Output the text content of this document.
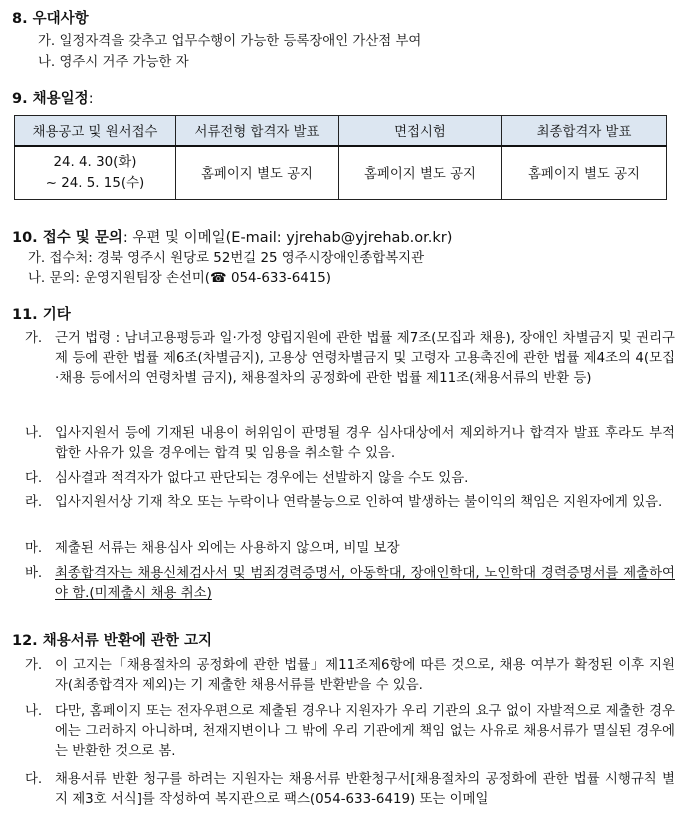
8. 우대사항
가. 일정자격을 갖추고 업무수행이 가능한 등록장애인 가산점 부여
나. 영주시 거주 가능한 자
9. 채용일정:
채용공고 및 원서접수	서류전형 합격자 발표	면접시험	최종합격자 발표

24. 4. 30(화)
~ 24. 5. 15(수)	홈페이지 별도 공지	홈페이지 별도 공지	홈페이지 별도 공지
10. 접수 및 문의: 우편 및 이메일(E-mail: yjrehab@yjrehab.or.kr)
가. 접수처: 경북 영주시 원당로 52번길 25 영주시장애인종합복지관
나. 문의: 운영지원팀장 손선미(☎ 054-633-6415)
11. 기타
가. 근거 법령 : 남녀고용평등과 일·가정 양립지원에 관한 법률 제7조(모집과 채용), 장애인 차별금지 및 권리구제 등에 관한 법률 제6조(차별금지), 고용상 연령차별금지 및 고령자 고용촉진에 관한 법률 제4조의 4(모집·채용 등에서의 연령차별 금지), 채용절차의 공정화에 관한 법률 제11조(채용서류의 반환 등)
나. 입사지원서 등에 기재된 내용이 허위임이 판명될 경우 심사대상에서 제외하거나 합격자 발표 후라도 부적합한 사유가 있을 경우에는 합격 및 임용을 취소할 수 있음.
다. 심사결과 적격자가 없다고 판단되는 경우에는 선발하지 않을 수도 있음.
라. 입사지원서상 기재 착오 또는 누락이나 연락불능으로 인하여 발생하는 불이익의 책임은 지원자에게 있음.
마. 제출된 서류는 채용심사 외에는 사용하지 않으며, 비밀 보장
바. 최종합격자는 채용신체검사서 및 범죄경력증명서, 아동학대, 장애인학대, 노인학대 경력증명서를 제출하여야 함.(미제출시 채용 취소)
12. 채용서류 반환에 관한 고지
가. 이 고지는「채용절차의 공정화에 관한 법률」제11조제6항에 따른 것으로, 채용 여부가 확정된 이후 지원자(최종합격자 제외)는 기 제출한 채용서류를 반환받을 수 있음.
나. 다만, 홈페이지 또는 전자우편으로 제출된 경우나 지원자가 우리 기관의 요구 없이 자발적으로 제출한 경우에는 그러하지 아니하며, 천재지변이나 그 밖에 우리 기관에게 책임 없는 사유로 채용서류가 멸실된 경우에는 반환한 것으로 봄.
다. 채용서류 반환 청구를 하려는 지원자는 채용서류 반환청구서[채용절차의 공정화에 관한 법률 시행규칙 별지 제3호 서식]를 작성하여 복지관으로 팩스(054-633-6419) 또는 이메일
